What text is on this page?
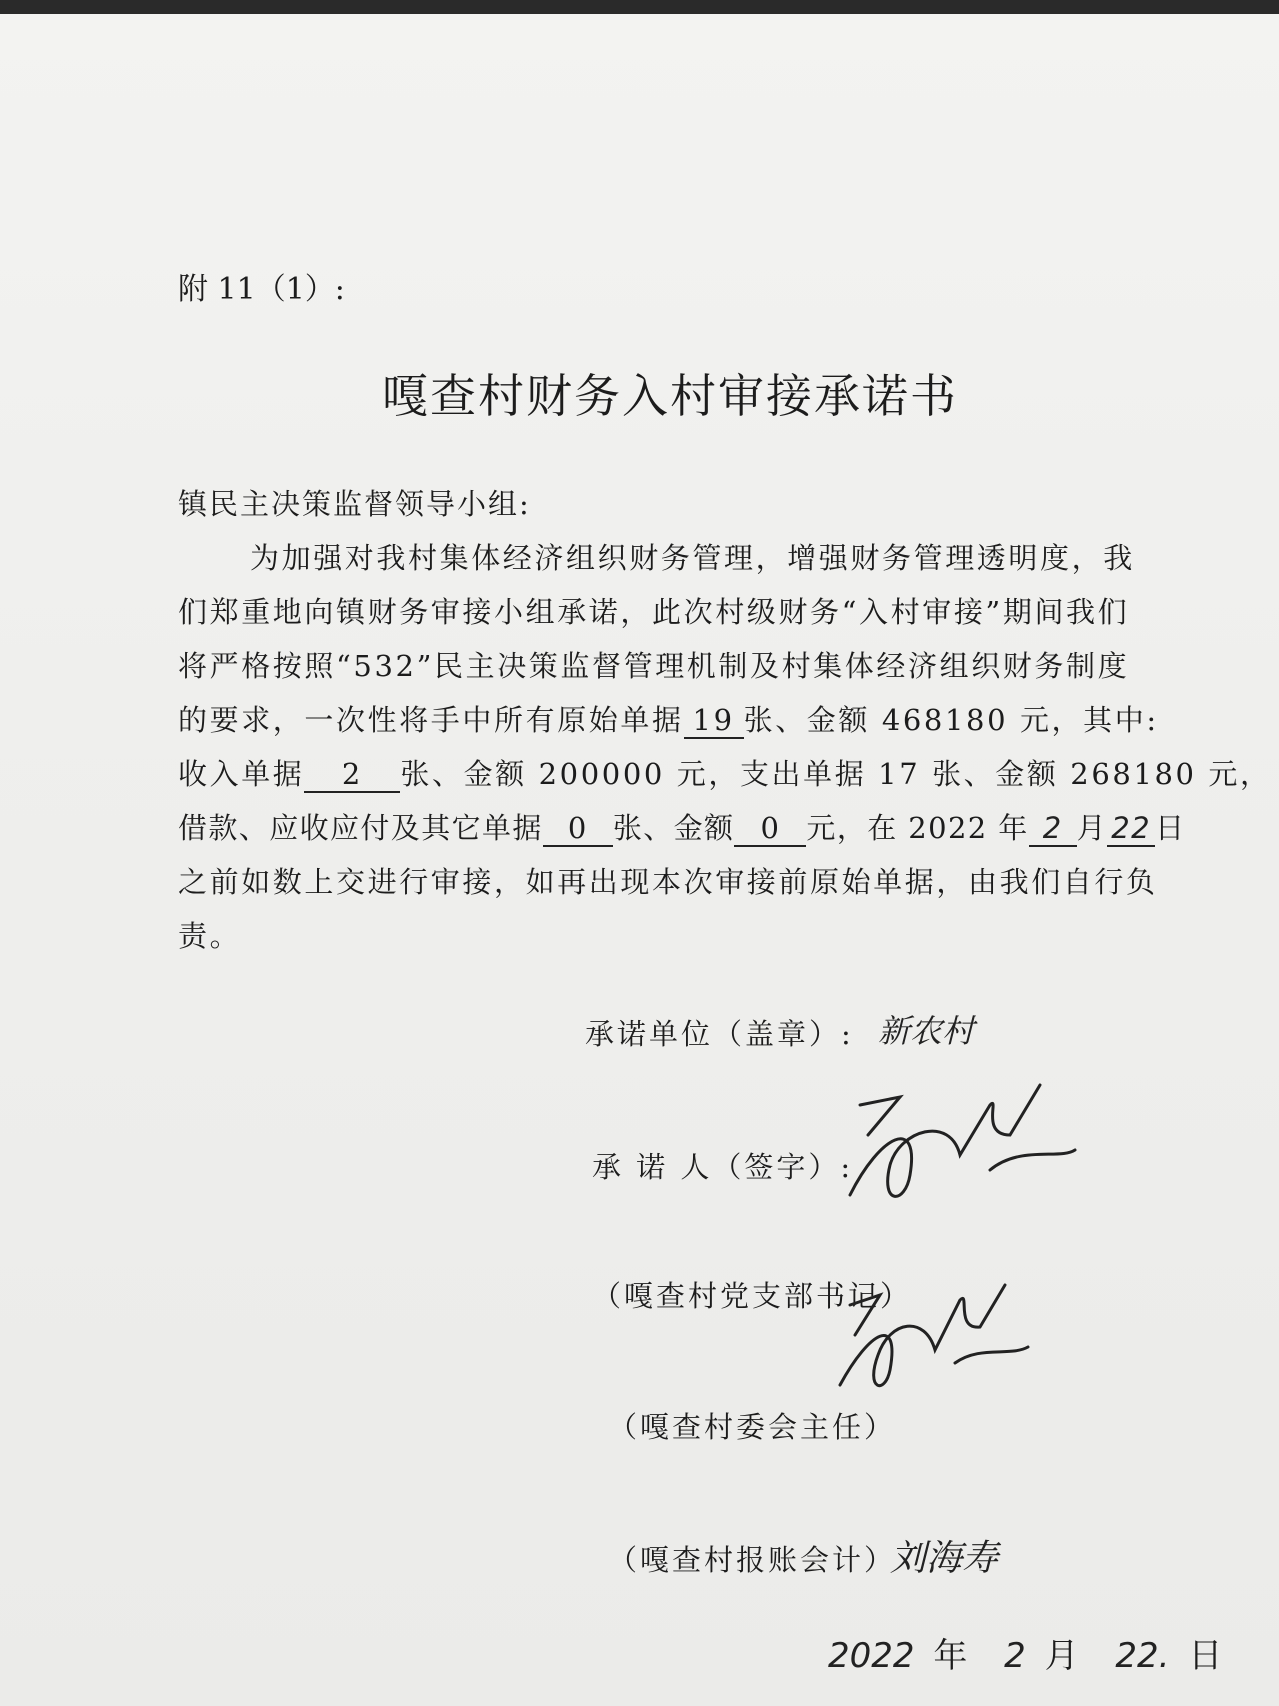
附 11（1）:
嘎查村财务入村审接承诺书
镇民主决策监督领导小组:
为加强对我村集体经济组织财务管理，增强财务管理透明度，我
们郑重地向镇财务审接小组承诺，此次村级财务“入村审接”期间我们
将严格按照“532”民主决策监督管理机制及村集体经济组织财务制度
的要求，一次性将手中所有原始单据 19 张、金额 468180 元，其中:
收入单据 2 张、金额 200000 元，支出单据 17 张、金额 268180 元，
借款、应收应付及其它单据 0 张、金额 0 元，在 2022 年 2 月 22 日
之前如数上交进行审接，如再出现本次审接前原始单据，由我们自行负
责。
承诺单位（盖章）: 新农村
承 诺 人（签字）:
（嘎查村党支部书记）
（嘎查村委会主任）
（嘎查村报账会计）
刘海寿
2022 年 2 月 22. 日
